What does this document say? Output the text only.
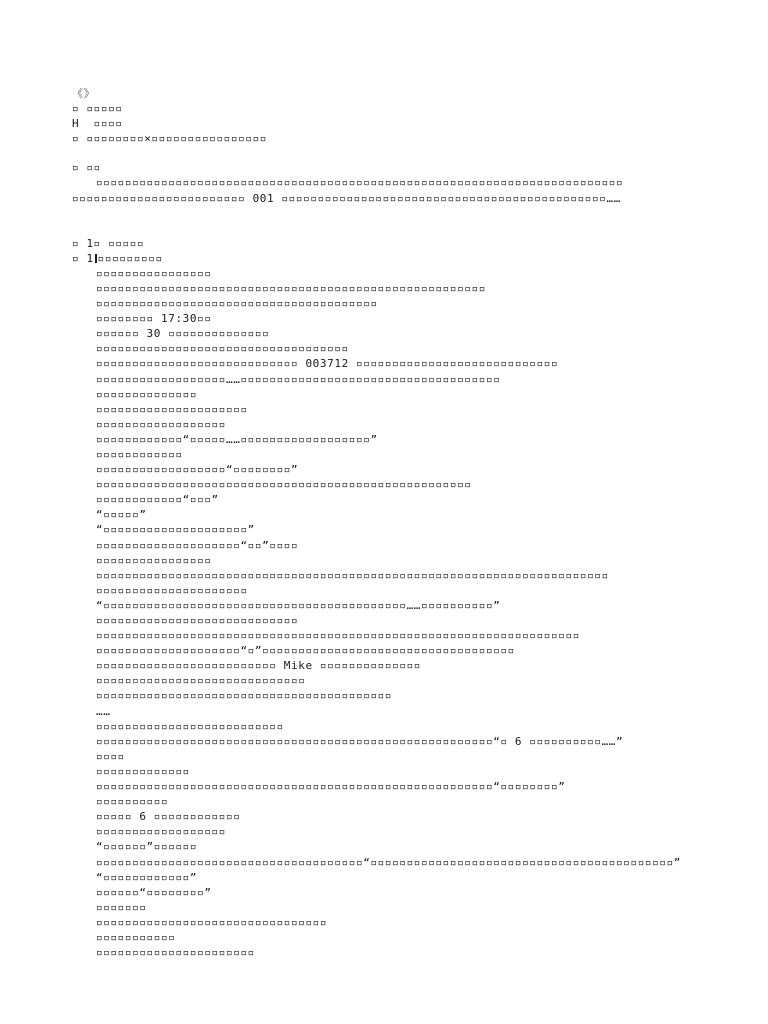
《》
▫ ▫▫▫▫▫
H  ▫▫▫▫
▫ ▫▫▫▫▫▫▫▫×▫▫▫▫▫▫▫▫▫▫▫▫▫▫▫▫
▫ ▫▫
▫▫▫▫▫▫▫▫▫▫▫▫▫▫▫▫▫▫▫▫▫▫▫▫▫▫▫▫▫▫▫▫▫▫▫▫▫▫▫▫▫▫▫▫▫▫▫▫▫▫▫▫▫▫▫▫▫▫▫▫▫▫▫▫▫▫▫▫▫▫▫▫▫
▫▫▫▫▫▫▫▫▫▫▫▫▫▫▫▫▫▫▫▫▫▫▫▫ 001 ▫▫▫▫▫▫▫▫▫▫▫▫▫▫▫▫▫▫▫▫▫▫▫▫▫▫▫▫▫▫▫▫▫▫▫▫▫▫▫▫▫▫▫▫▫……
▫ 1▫ ▫▫▫▫▫
▫ 1 ▫▫▫▫▫▫▫▫▫
▫▫▫▫▫▫▫▫▫▫▫▫▫▫▫▫
▫▫▫▫▫▫▫▫▫▫▫▫▫▫▫▫▫▫▫▫▫▫▫▫▫▫▫▫▫▫▫▫▫▫▫▫▫▫▫▫▫▫▫▫▫▫▫▫▫▫▫▫▫▫
▫▫▫▫▫▫▫▫▫▫▫▫▫▫▫▫▫▫▫▫▫▫▫▫▫▫▫▫▫▫▫▫▫▫▫▫▫▫▫
▫▫▫▫▫▫▫▫ 17:30▫▫
▫▫▫▫▫▫ 30 ▫▫▫▫▫▫▫▫▫▫▫▫▫▫
▫▫▫▫▫▫▫▫▫▫▫▫▫▫▫▫▫▫▫▫▫▫▫▫▫▫▫▫▫▫▫▫▫▫▫
▫▫▫▫▫▫▫▫▫▫▫▫▫▫▫▫▫▫▫▫▫▫▫▫▫▫▫▫ 003712 ▫▫▫▫▫▫▫▫▫▫▫▫▫▫▫▫▫▫▫▫▫▫▫▫▫▫▫▫
▫▫▫▫▫▫▫▫▫▫▫▫▫▫▫▫▫▫……▫▫▫▫▫▫▫▫▫▫▫▫▫▫▫▫▫▫▫▫▫▫▫▫▫▫▫▫▫▫▫▫▫▫▫▫
▫▫▫▫▫▫▫▫▫▫▫▫▫▫
▫▫▫▫▫▫▫▫▫▫▫▫▫▫▫▫▫▫▫▫▫
▫▫▫▫▫▫▫▫▫▫▫▫▫▫▫▫▫▫
▫▫▫▫▫▫▫▫▫▫▫▫“▫▫▫▫▫……▫▫▫▫▫▫▫▫▫▫▫▫▫▫▫▫▫▫”
▫▫▫▫▫▫▫▫▫▫▫▫
▫▫▫▫▫▫▫▫▫▫▫▫▫▫▫▫▫▫“▫▫▫▫▫▫▫▫”
▫▫▫▫▫▫▫▫▫▫▫▫▫▫▫▫▫▫▫▫▫▫▫▫▫▫▫▫▫▫▫▫▫▫▫▫▫▫▫▫▫▫▫▫▫▫▫▫▫▫▫▫
▫▫▫▫▫▫▫▫▫▫▫▫“▫▫▫”
“▫▫▫▫▫”
“▫▫▫▫▫▫▫▫▫▫▫▫▫▫▫▫▫▫▫▫”
▫▫▫▫▫▫▫▫▫▫▫▫▫▫▫▫▫▫▫▫“▫▫”▫▫▫▫
▫▫▫▫▫▫▫▫▫▫▫▫▫▫▫▫
▫▫▫▫▫▫▫▫▫▫▫▫▫▫▫▫▫▫▫▫▫▫▫▫▫▫▫▫▫▫▫▫▫▫▫▫▫▫▫▫▫▫▫▫▫▫▫▫▫▫▫▫▫▫▫▫▫▫▫▫▫▫▫▫▫▫▫▫▫▫▫
▫▫▫▫▫▫▫▫▫▫▫▫▫▫▫▫▫▫▫▫▫
“▫▫▫▫▫▫▫▫▫▫▫▫▫▫▫▫▫▫▫▫▫▫▫▫▫▫▫▫▫▫▫▫▫▫▫▫▫▫▫▫▫▫……▫▫▫▫▫▫▫▫▫▫”
▫▫▫▫▫▫▫▫▫▫▫▫▫▫▫▫▫▫▫▫▫▫▫▫▫▫▫▫
▫▫▫▫▫▫▫▫▫▫▫▫▫▫▫▫▫▫▫▫▫▫▫▫▫▫▫▫▫▫▫▫▫▫▫▫▫▫▫▫▫▫▫▫▫▫▫▫▫▫▫▫▫▫▫▫▫▫▫▫▫▫▫▫▫▫▫
▫▫▫▫▫▫▫▫▫▫▫▫▫▫▫▫▫▫▫▫“▫”▫▫▫▫▫▫▫▫▫▫▫▫▫▫▫▫▫▫▫▫▫▫▫▫▫▫▫▫▫▫▫▫▫▫▫
▫▫▫▫▫▫▫▫▫▫▫▫▫▫▫▫▫▫▫▫▫▫▫▫▫ Mike ▫▫▫▫▫▫▫▫▫▫▫▫▫▫
▫▫▫▫▫▫▫▫▫▫▫▫▫▫▫▫▫▫▫▫▫▫▫▫▫▫▫▫▫
▫▫▫▫▫▫▫▫▫▫▫▫▫▫▫▫▫▫▫▫▫▫▫▫▫▫▫▫▫▫▫▫▫▫▫▫▫▫▫▫▫
……
▫▫▫▫▫▫▫▫▫▫▫▫▫▫▫▫▫▫▫▫▫▫▫▫▫▫
▫▫▫▫▫▫▫▫▫▫▫▫▫▫▫▫▫▫▫▫▫▫▫▫▫▫▫▫▫▫▫▫▫▫▫▫▫▫▫▫▫▫▫▫▫▫▫▫▫▫▫▫▫▫▫“▫ 6 ▫▫▫▫▫▫▫▫▫▫……”
▫▫▫▫
▫▫▫▫▫▫▫▫▫▫▫▫▫
▫▫▫▫▫▫▫▫▫▫▫▫▫▫▫▫▫▫▫▫▫▫▫▫▫▫▫▫▫▫▫▫▫▫▫▫▫▫▫▫▫▫▫▫▫▫▫▫▫▫▫▫▫▫▫“▫▫▫▫▫▫▫▫”
▫▫▫▫▫▫▫▫▫▫
▫▫▫▫▫ 6 ▫▫▫▫▫▫▫▫▫▫▫▫
▫▫▫▫▫▫▫▫▫▫▫▫▫▫▫▫▫▫
“▫▫▫▫▫▫”▫▫▫▫▫▫
▫▫▫▫▫▫▫▫▫▫▫▫▫▫▫▫▫▫▫▫▫▫▫▫▫▫▫▫▫▫▫▫▫▫▫▫▫“▫▫▫▫▫▫▫▫▫▫▫▫▫▫▫▫▫▫▫▫▫▫▫▫▫▫▫▫▫▫▫▫▫▫▫▫▫▫▫▫▫▫”
“▫▫▫▫▫▫▫▫▫▫▫▫”
▫▫▫▫▫▫“▫▫▫▫▫▫▫▫”
▫▫▫▫▫▫▫
▫▫▫▫▫▫▫▫▫▫▫▫▫▫▫▫▫▫▫▫▫▫▫▫▫▫▫▫▫▫▫▫
▫▫▫▫▫▫▫▫▫▫▫
▫▫▫▫▫▫▫▫▫▫▫▫▫▫▫▫▫▫▫▫▫▫
